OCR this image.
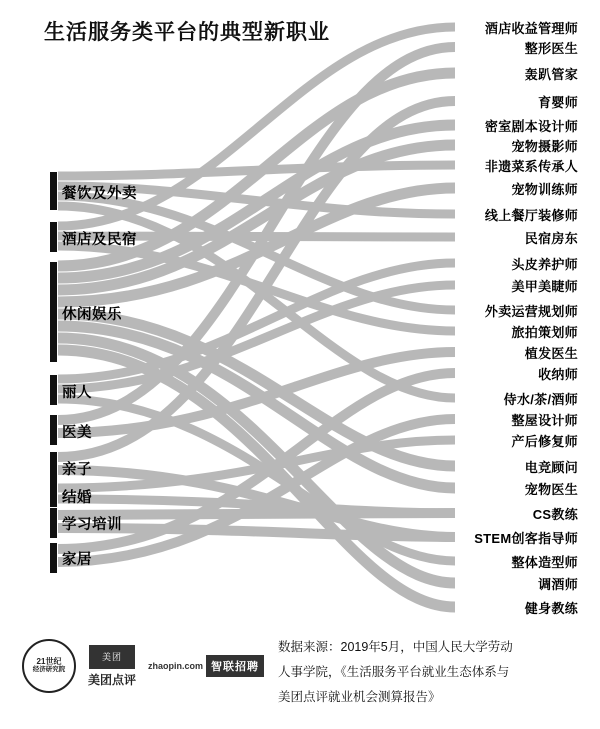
生活服务类平台的典型新职业
餐饮及外卖
酒店及民宿
休闲娱乐
丽人
医美
亲子
结婚
学习培训
家居
酒店收益管理师
整形医生
轰趴管家
育婴师
密室剧本设计师
宠物摄影师
非遗菜系传承人
宠物训练师
线上餐厅装修师
民宿房东
头皮养护师
美甲美睫师
外卖运营规划师
旅拍策划师
植发医生
收纳师
侍水/茶/酒师
整屋设计师
产后修复师
电竞顾问
宠物医生
CS教练
STEM创客指导师
整体造型师
调酒师
健身教练
21世纪
经济研究院
美团
美团点评
zhaopin.com 智联招聘
数据来源：2019年5月，中国人民大学劳动
人事学院，《生活服务平台就业生态体系与
美团点评就业机会测算报告》
